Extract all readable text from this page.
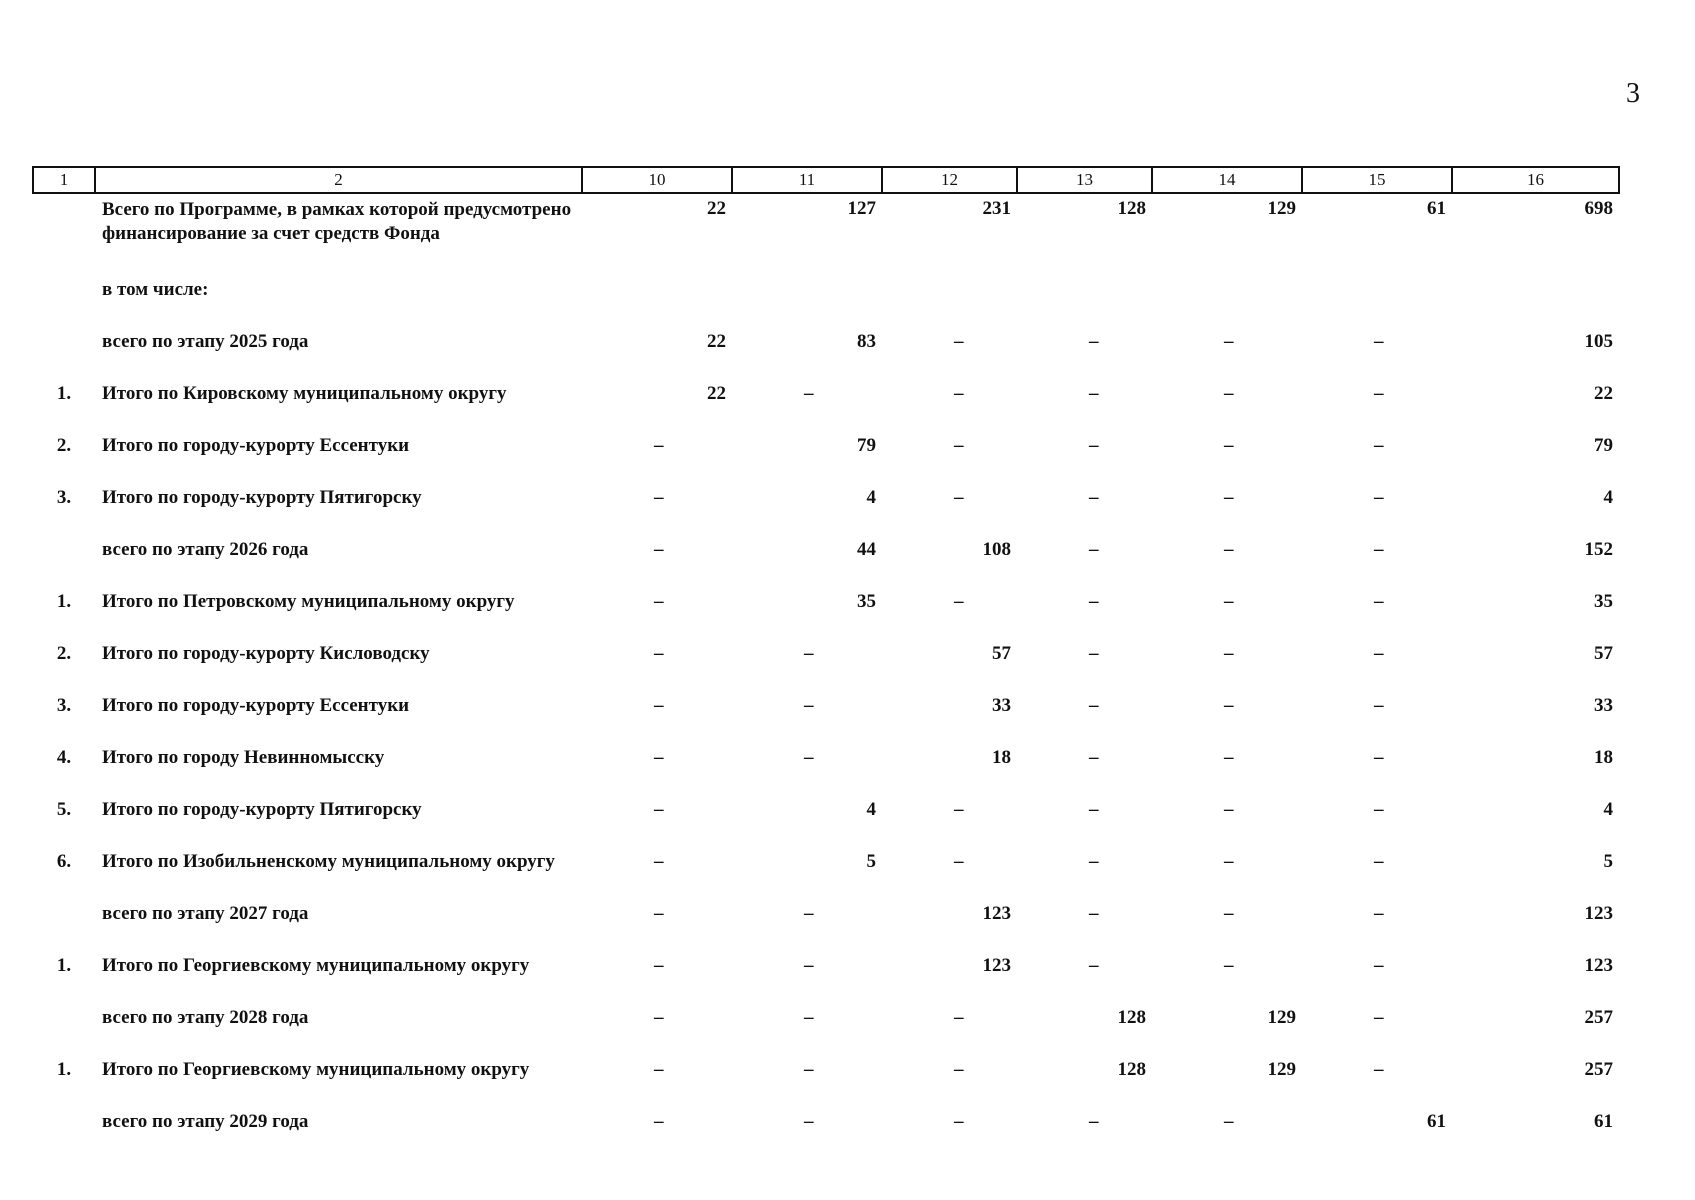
3
1	2	10	11	12	13	14	15	16
	Всего по Программе, в рамках которой предусмотрено финансирование за счет средств Фонда	22	127	231	128	129	61	698
	в том числе:							
	всего по этапу 2025 года	22	83	–	–	–	–	105
1.	Итого по Кировскому муниципальному округу	22	–	–	–	–	–	22
2.	Итого по городу-курорту Ессентуки	–	79	–	–	–	–	79
3.	Итого по городу-курорту Пятигорску	–	4	–	–	–	–	4
	всего по этапу 2026 года	–	44	108	–	–	–	152
1.	Итого по Петровскому муниципальному округу	–	35	–	–	–	–	35
2.	Итого по городу-курорту Кисловодску	–	–	57	–	–	–	57
3.	Итого по городу-курорту Ессентуки	–	–	33	–	–	–	33
4.	Итого по городу Невинномысску	–	–	18	–	–	–	18
5.	Итого по городу-курорту Пятигорску	–	4	–	–	–	–	4
6.	Итого по Изобильненскому муниципальному округу	–	5	–	–	–	–	5
	всего по этапу 2027 года	–	–	123	–	–	–	123
1.	Итого по Георгиевскому муниципальному округу	–	–	123	–	–	–	123
	всего по этапу 2028 года	–	–	–	128	129	–	257
1.	Итого по Георгиевскому муниципальному округу	–	–	–	128	129	–	257
	всего по этапу 2029 года	–	–	–	–	–	61	61
